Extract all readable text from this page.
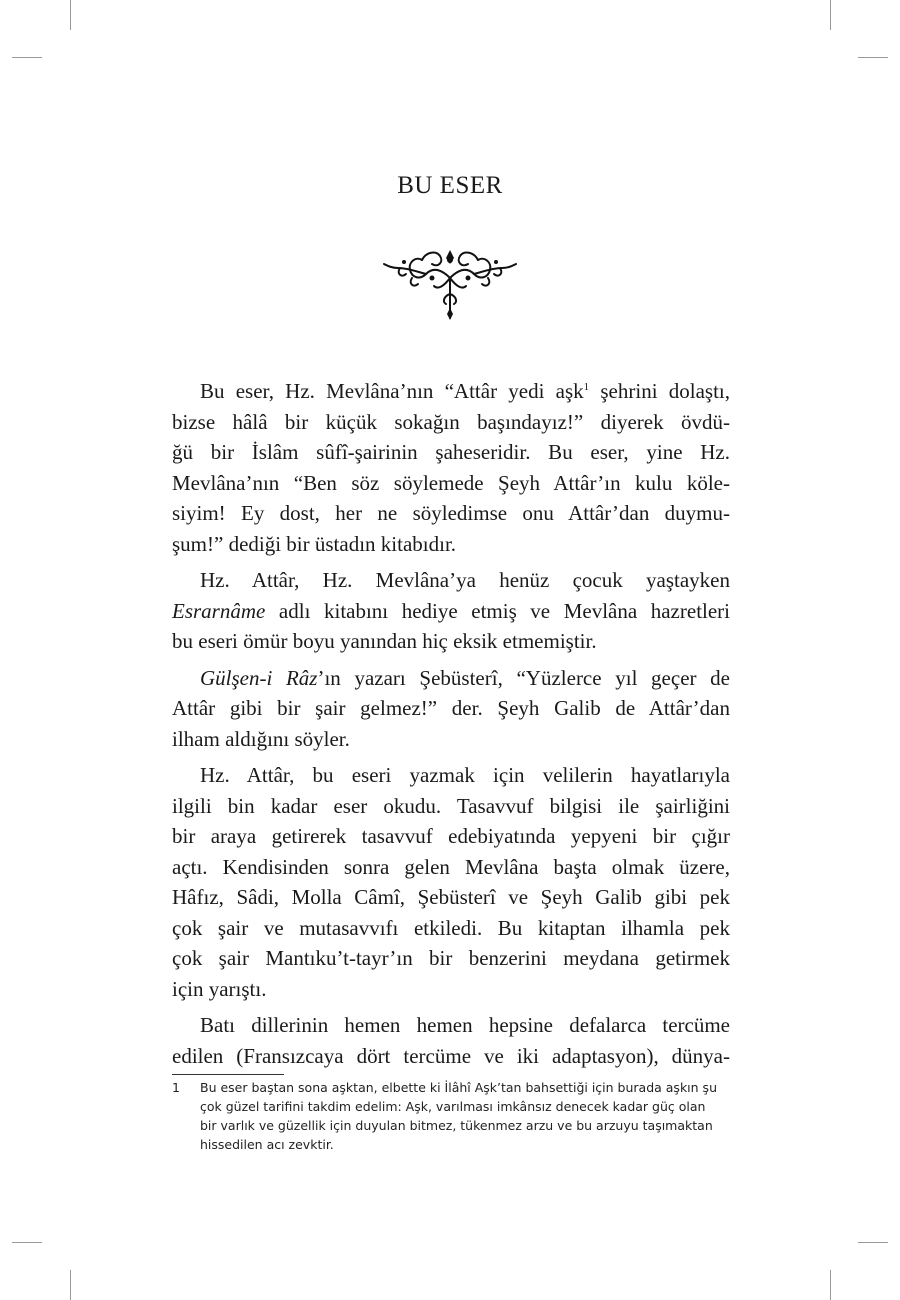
BU ESER

Bu eser, Hz. Mevlâna’nın “Attâr yedi aşk$^1$ şehrini dolaştı,
bizse hâlâ bir küçük sokağın başındayız!” diyerek övdü-
ğü bir İslâm sûfî-şairinin şaheseridir. Bu eser, yine Hz.
Mevlâna’nın “Ben söz söylemede Şeyh Attâr’ın kulu köle-
siyim! Ey dost, her ne söyledimse onu Attâr’dan duymu-
şum!” dediği bir üstadın kitabıdır.

Hz. Attâr, Hz. Mevlâna’ya henüz çocuk yaştayken
Esrarnâme adlı kitabını hediye etmiş ve Mevlâna hazretleri
bu eseri ömür boyu yanından hiç eksik etmemiştir.

Gülşen-i Râz’ın yazarı Şebüsterî, “Yüzlerce yıl geçer de
Attâr gibi bir şair gelmez!” der. Şeyh Galib de Attâr’dan
ilham aldığını söyler.

Hz. Attâr, bu eseri yazmak için velilerin hayatlarıyla
ilgili bin kadar eser okudu. Tasavvuf bilgisi ile şairliğini
bir araya getirerek tasavvuf edebiyatında yepyeni bir çığır
açtı. Kendisinden sonra gelen Mevlâna başta olmak üzere,
Hâfız, Sâdi, Molla Câmî, Şebüsterî ve Şeyh Galib gibi pek
çok şair ve mutasavvıfı etkiledi. Bu kitaptan ilhamla pek
çok şair Mantıku’t-tayr’ın bir benzerini meydana getirmek
için yarıştı.

Batı dillerinin hemen hemen hepsine defalarca tercüme
edilen (Fransızcaya dört tercüme ve iki adaptasyon), dünya-

1 Bu eser baştan sona aşktan, elbette ki İlâhî Aşk’tan bahsettiği için burada aşkın şu
çok güzel tarifini takdim edelim: Aşk, varılması imkânsız denecek kadar güç olan
bir varlık ve güzellik için duyulan bitmez, tükenmez arzu ve bu arzuyu taşımaktan
hissedilen acı zevktir.
